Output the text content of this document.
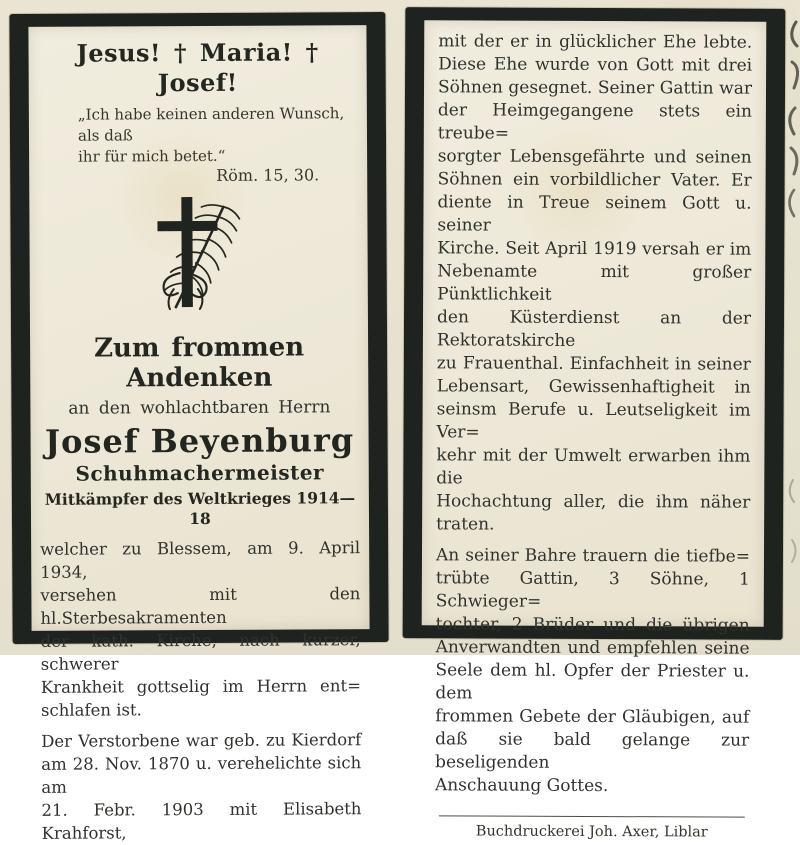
Jesus! † Maria! † Josef!
„Ich habe keinen anderen Wunsch, als daß
ihr für mich betet.“
Röm. 15, 30.
Zum frommen Andenken
an den wohlachtbaren Herrn
Josef Beyenburg
Schuhmachermeister
Mitkämpfer des Weltkrieges 1914—18
welcher zu Blessem, am 9. April 1934,
versehen mit den hl.Sterbesakramenten
der kath. Kirche, nach kurzer, schwerer
Krankheit gottselig im Herrn ent=
schlafen ist.
Der Verstorbene war geb. zu Kierdorf
am 28. Nov. 1870 u. verehelichte sich am
21. Febr. 1903 mit Elisabeth Krahforst,
mit der er in glücklicher Ehe lebte.
Diese Ehe wurde von Gott mit drei
Söhnen gesegnet. Seiner Gattin war
der Heimgegangene stets ein treube=
sorgter Lebensgefährte und seinen
Söhnen ein vorbildlicher Vater. Er
diente in Treue seinem Gott u. seiner
Kirche. Seit April 1919 versah er im
Nebenamte mit großer Pünktlichkeit
den Küsterdienst an der Rektoratskirche
zu Frauenthal. Einfachheit in seiner
Lebensart, Gewissenhaftigheit in
seinsm Berufe u. Leutseligkeit im Ver=
kehr mit der Umwelt erwarben ihm die
Hochachtung aller, die ihm näher traten.
An seiner Bahre trauern die tiefbe=
trübte Gattin, 3 Söhne, 1 Schwieger=
tochter, 2 Brüder und die übrigen
Anverwandten und empfehlen seine
Seele dem hl. Opfer der Priester u. dem
frommen Gebete der Gläubigen, auf
daß sie bald gelange zur beseligenden
Anschauung Gottes.
Buchdruckerei Joh. Axer, Liblar
